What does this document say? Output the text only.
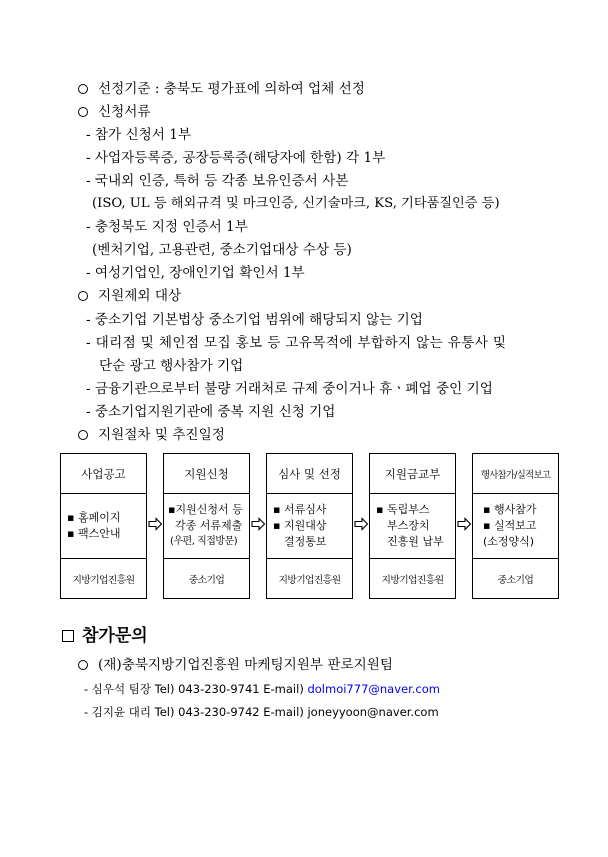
선정기준 : 충북도 평가표에 의하여 업체 선정
신청서류
- 참가 신청서 1부
- 사업자등록증, 공장등록증(해당자에 한함) 각 1부
- 국내외 인증, 특허 등 각종 보유인증서 사본
(ISO, UL 등 해외규격 및 마크인증, 신기술마크, KS, 기타품질인증 등)
- 충청북도 지정 인증서 1부
(벤처기업, 고용관련, 중소기업대상 수상 등)
- 여성기업인, 장애인기업 확인서 1부
지원제외 대상
- 중소기업 기본법상 중소기업 범위에 해당되지 않는 기업
- 대리점 및 체인점 모집 홍보 등 고유목적에 부합하지 않는 유통사 및
단순 광고 행사참가 기업
- 금융기관으로부터 불량 거래처로 규제 중이거나 휴ㆍ폐업 중인 기업
- 중소기업지원기관에 중복 지원 신청 기업
지원절차 및 추진일정
사업공고
▪ 홈페이지
▪ 팩스안내
지방기업진흥원
지원신청
▪지원신청서 등
각종 서류제출
(우편, 직접방문)
중소기업
심사 및 선정
▪ 서류심사
▪ 지원대상
결정통보
지방기업진흥원
지원금교부
▪ 독립부스
부스장치
진흥원 납부
지방기업진흥원
행사참가/실적보고
▪ 행사참가
▪ 실적보고
(소정양식)
중소기업
참가문의
(재)충북지방기업진흥원 마케팅지원부 판로지원팀
- 심우석 팀장 Tel) 043-230-9741 E-mail) dolmoi777@naver.com
- 김지윤 대리 Tel) 043-230-9742 E-mail) joneyyoon@naver.com
